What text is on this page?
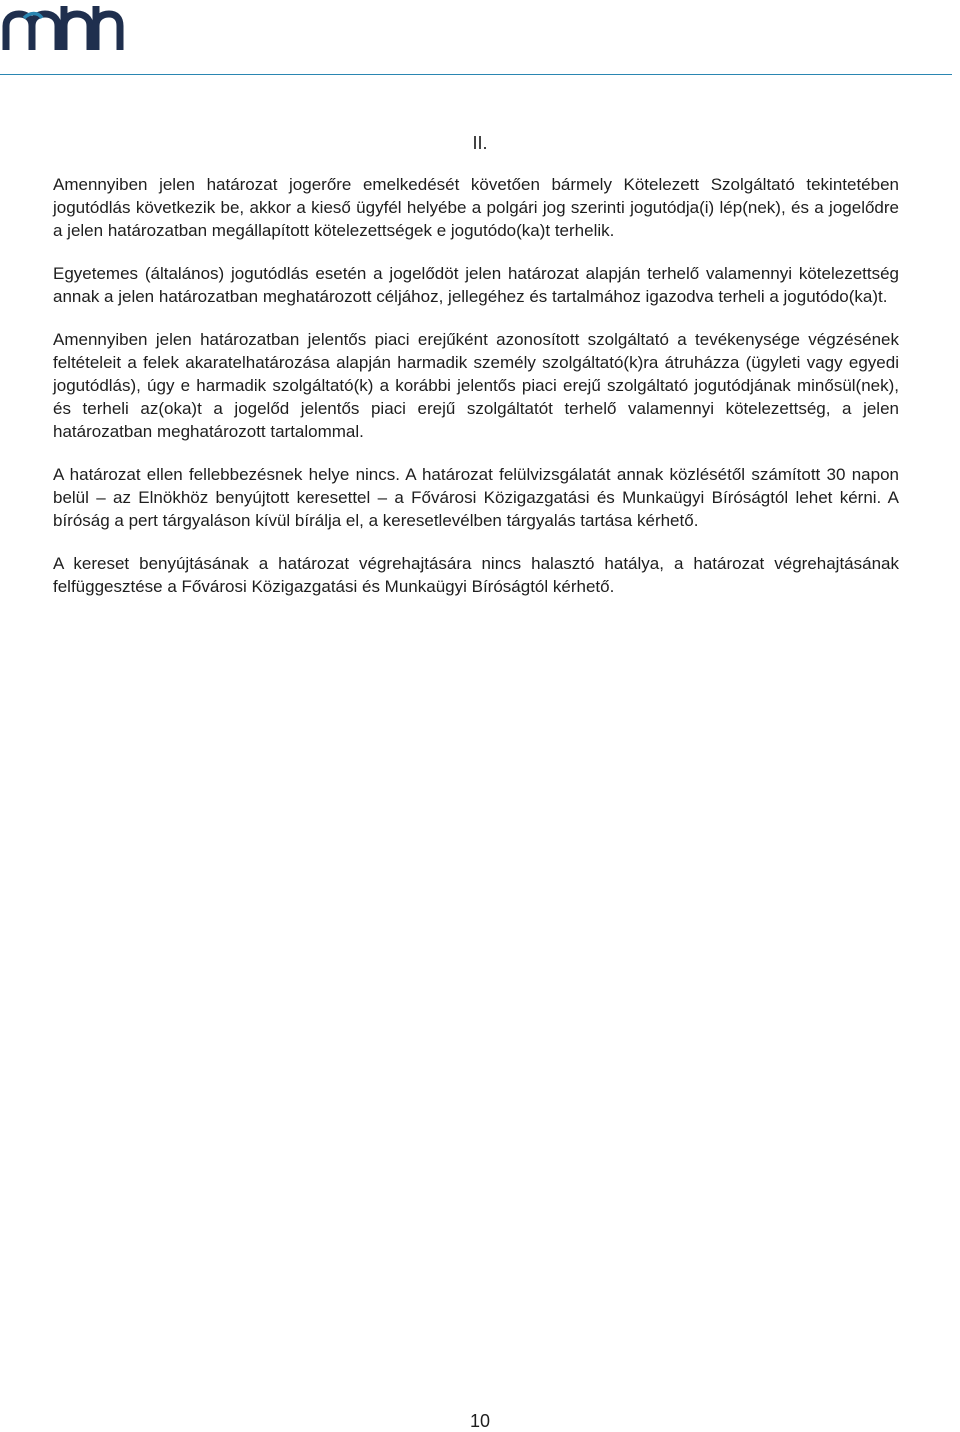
II.

Amennyiben jelen határozat jogerőre emelkedését követően bármely Kötelezett Szolgáltató tekintetében jogutódlás következik be, akkor a kieső ügyfél helyébe a polgári jog szerinti jogutódja(i) lép(nek), és a jogelődre a jelen határozatban megállapított kötelezettségek e jogutódo(ka)t terhelik.

Egyetemes (általános) jogutódlás esetén a jogelődöt jelen határozat alapján terhelő valamennyi kötelezettség annak a jelen határozatban meghatározott céljához, jellegéhez és tartalmához igazodva terheli a jogutódo(ka)t.

Amennyiben jelen határozatban jelentős piaci erejűként azonosított szolgáltató a tevékenysége végzésének feltételeit a felek akaratelhatározása alapján harmadik személy szolgáltató(k)ra átruházza (ügyleti vagy egyedi jogutódlás), úgy e harmadik szolgáltató(k) a korábbi jelentős piaci erejű szolgáltató jogutódjának minősül(nek), és terheli az(oka)t a jogelőd jelentős piaci erejű szolgáltatót terhelő valamennyi kötelezettség, a jelen határozatban meghatározott tartalommal.

A határozat ellen fellebbezésnek helye nincs. A határozat felülvizsgálatát annak közlésétől számított 30 napon belül – az Elnökhöz benyújtott keresettel – a Fővárosi Közigazgatási és Munkaügyi Bíróságtól lehet kérni. A bíróság a pert tárgyaláson kívül bírálja el, a keresetlevélben tárgyalás tartása kérhető.

A kereset benyújtásának a határozat végrehajtására nincs halasztó hatálya, a határozat végrehajtásának felfüggesztése a Fővárosi Közigazgatási és Munkaügyi Bíróságtól kérhető.

10
